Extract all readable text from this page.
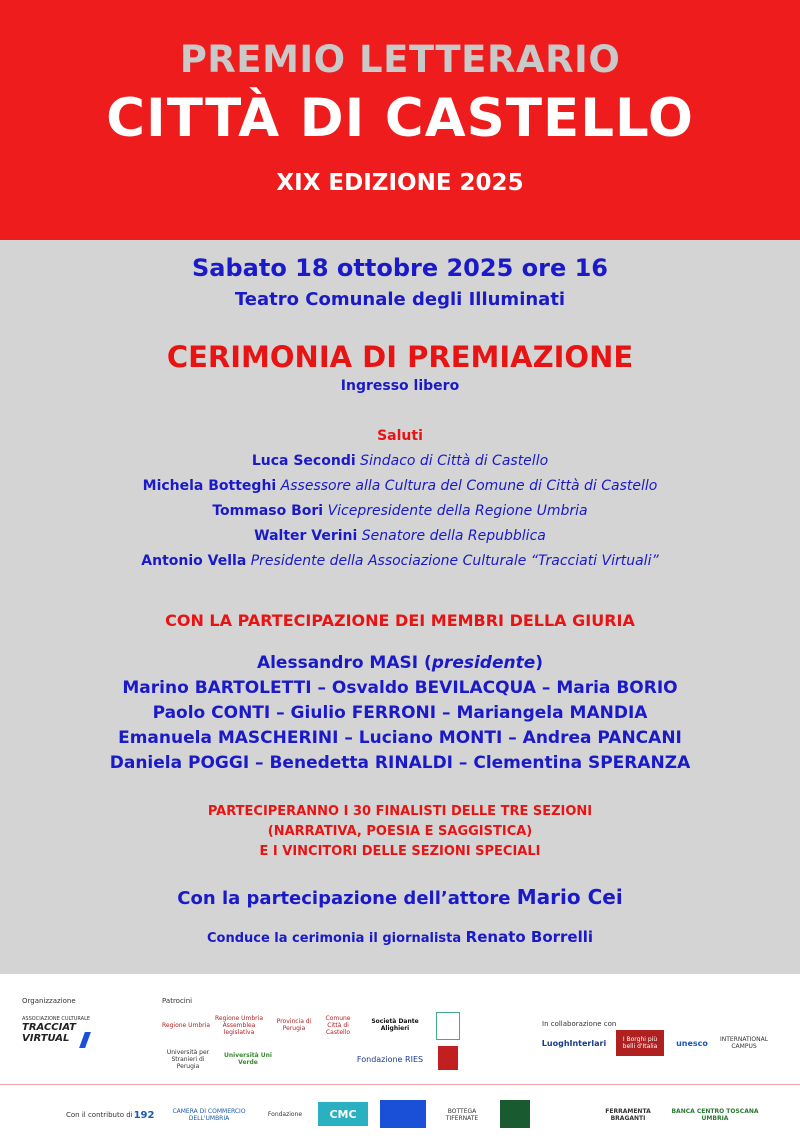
PREMIO LETTERARIO
CITTÀ DI CASTELLO
XIX EDIZIONE 2025
Sabato 18 ottobre 2025 ore 16
Teatro Comunale degli Illuminati
CERIMONIA DI PREMIAZIONE
Ingresso libero
Saluti
Luca Secondi Sindaco di Città di Castello
Michela Botteghi Assessore alla Cultura del Comune di Città di Castello
Tommaso Bori Vicepresidente della Regione Umbria
Walter Verini Senatore della Repubblica
Antonio Vella Presidente della Associazione Culturale “Tracciati Virtuali”
CON LA PARTECIPAZIONE DEI MEMBRI DELLA GIURIA
Alessandro MASI (presidente)
Marino BARTOLETTI – Osvaldo BEVILACQUA – Maria BORIO
Paolo CONTI – Giulio FERRONI – Mariangela MANDIA
Emanuela MASCHERINI – Luciano MONTI – Andrea PANCANI
Daniela POGGI – Benedetta RINALDI – Clementina SPERANZA
PARTECIPERANNO I 30 FINALISTI DELLE TRE SEZIONI
(NARRATIVA, POESIA E SAGGISTICA)
E I VINCITORI DELLE SEZIONI SPECIALI
Con la partecipazione dell’attore Mario Cei
Conduce la cerimonia il giornalista Renato Borrelli
Organizzazione	Patrocini
In collaborazione con
Con il contributo di
ASSOCIAZIONE CULTURALE
TRACCIAT
VIRTUAL
Regione Umbria
Regione Umbria Assemblea legislativa
Provincia di Perugia
Comune Città di Castello
Società Dante Alighieri
Università per Stranieri di Perugia
Università Uni Verde	Fondazione RIES
LuoghInterlari	I Borghi più belli d'Italia	unesco	INTERNATIONAL CAMPUS
192	CAMERA DI COMMERCIO DELL'UMBRIA
Fondazione	CMC	BOTTEGA TIFERNATE
FERRAMENTA BRAGANTI
BANCA CENTRO TOSCANA UMBRIA
